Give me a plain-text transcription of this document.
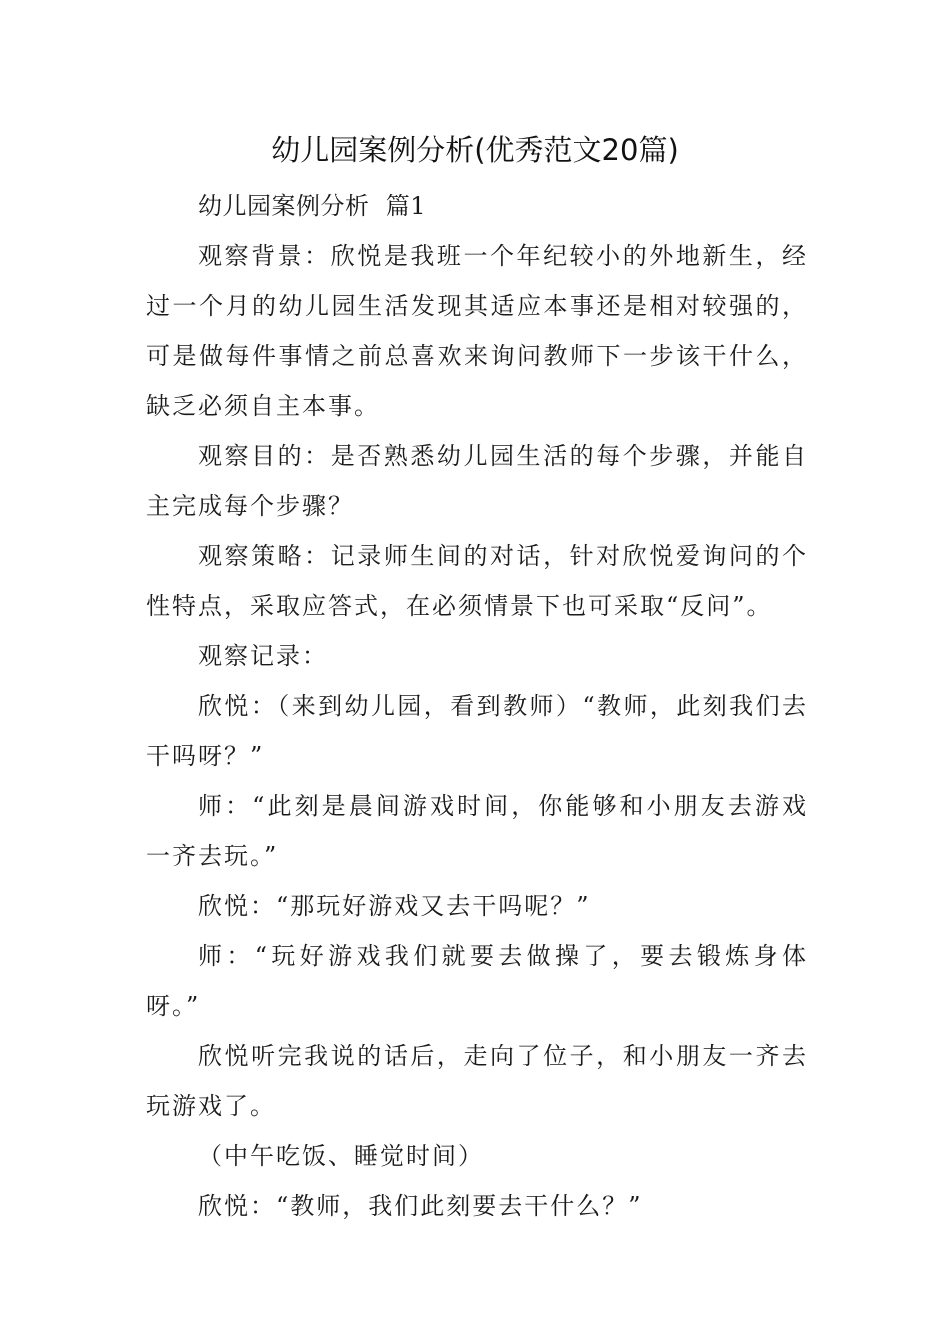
幼儿园案例分析(优秀范文20篇)

幼儿园案例分析  篇1

观察背景：欣悦是我班一个年纪较小的外地新生，经过一个月的幼儿园生活发现其适应本事还是相对较强的，可是做每件事情之前总喜欢来询问教师下一步该干什么，缺乏必须自主本事。

观察目的：是否熟悉幼儿园生活的每个步骤，并能自主完成每个步骤？

观察策略：记录师生间的对话，针对欣悦爱询问的个性特点，采取应答式，在必须情景下也可采取“反问”。

观察记录：

欣悦：（来到幼儿园，看到教师）“教师，此刻我们去干吗呀？”

师：“此刻是晨间游戏时间，你能够和小朋友去游戏一齐去玩。”

欣悦：“那玩好游戏又去干吗呢？”

师：“玩好游戏我们就要去做操了，要去锻炼身体呀。”

欣悦听完我说的话后，走向了位子，和小朋友一齐去玩游戏了。

（中午吃饭、睡觉时间）

欣悦：“教师，我们此刻要去干什么？”
